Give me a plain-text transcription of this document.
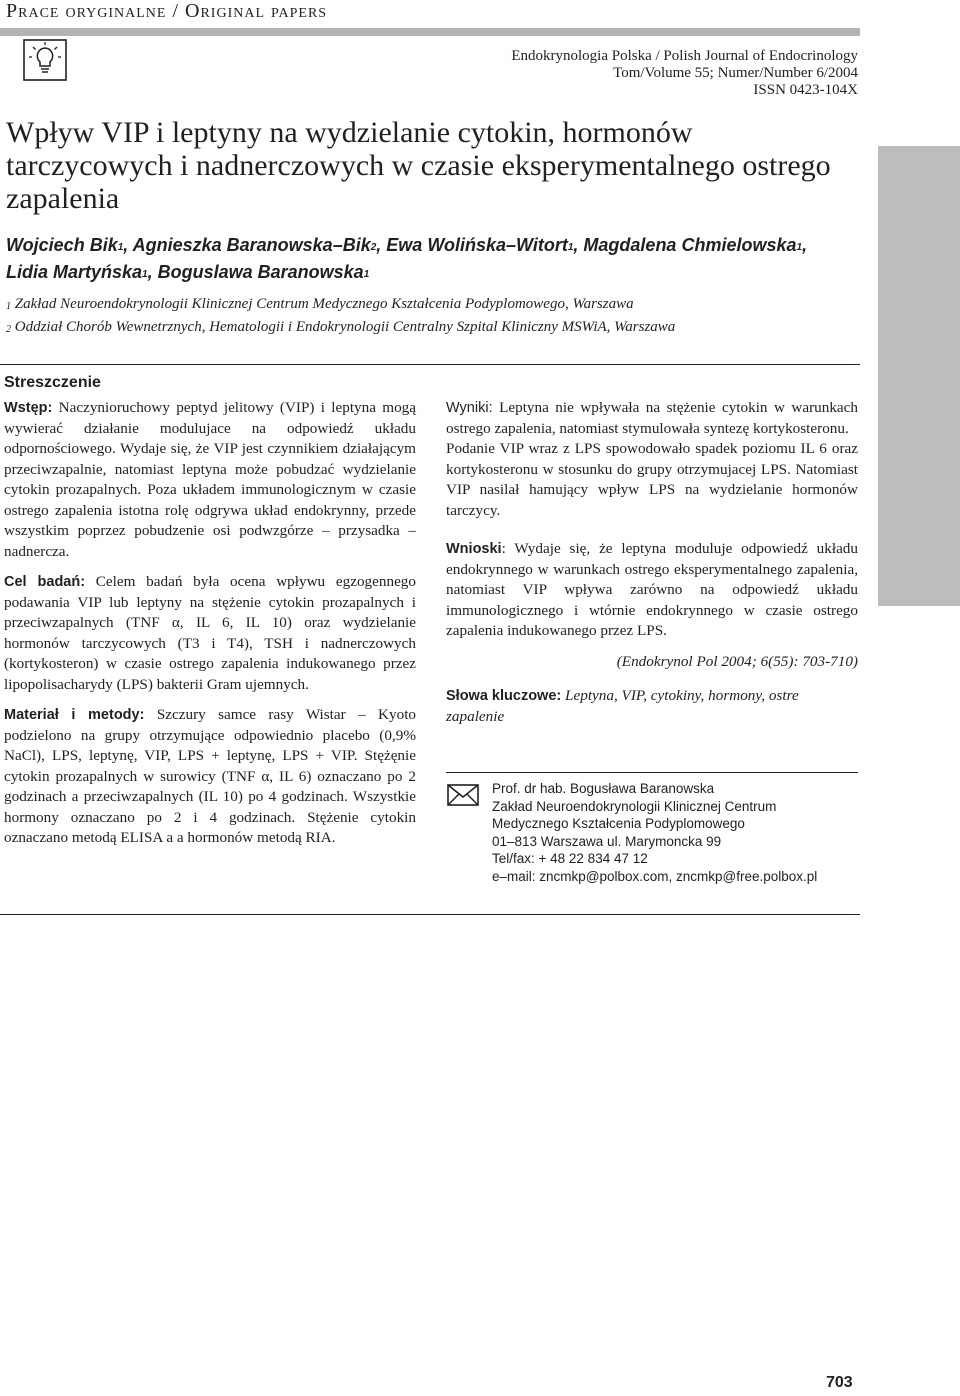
Prace oryginalne / Original papers
Endokrynologia Polska / Polish Journal of Endocrinology
Tom/Volume 55; Numer/Number 6/2004
ISSN 0423-104X
Wpływ VIP i leptyny na wydzielanie cytokin, hormonów tarczycowych i nadnerczowych w czasie eksperymentalnego ostrego zapalenia
Wojciech Bik$^1$, Agnieszka Baranowska–Bik$^2$, Ewa Wolińska–Witort$^1$, Magdalena Chmielowska$^1$,
Lidia Martyńska$^1$, Boguslawa Baranowska$^1$
$^1$ Zakład Neuroendokrynologii Klinicznej Centrum Medycznego Kształcenia Podyplomowego, Warszawa
$^2$ Oddział Chorób Wewnetrznych, Hematologii i Endokrynologii Centralny Szpital Kliniczny MSWiA, Warszawa
Streszczenie

Wstęp: Naczynioruchowy peptyd jelitowy (VIP) i leptyna mogą wywierać działanie modulujace na odpowiedź układu odpornościowego. Wydaje się, że VIP jest czynnikiem działającym przeciwzapalnie, natomiast leptyna może pobudzać wydzielanie cytokin prozapalnych. Poza układem immunologicznym w czasie ostrego zapalenia istotna rolę odgrywa układ endokrynny, przede wszystkim poprzez pobudzenie osi podwzgórze – przysadka – nadnercza.

Cel badań: Celem badań była ocena wpływu egzogennego podawania VIP lub leptyny na stężenie cytokin prozapalnych i przeciwzapalnych (TNF α, IL 6, IL 10) oraz wydzielanie hormonów tarczycowych (T3 i T4), TSH i nadnerczowych (kortykosteron) w czasie ostrego zapalenia indukowanego przez lipopolisacharydy (LPS) bakterii Gram ujemnych.

Materiał i metody: Szczury samce rasy Wistar – Kyoto podzielono na grupy otrzymujące odpowiednio placebo (0,9% NaCl), LPS, leptynę, VIP, LPS + leptynę, LPS + VIP. Stężęnie cytokin prozapalnych w surowicy (TNF α, IL 6) oznaczano po 2 godzinach a przeciwzapalnych (IL 10) po 4 godzinach. Wszystkie hormony oznaczano po 2 i 4 godzinach. Stężenie cytokin oznaczano metodą ELISA a a hormonów metodą RIA.

Wyniki: Leptyna nie wpływała na stężenie cytokin w warunkach ostrego zapalenia, natomiast stymulowała syntezę kortykosteronu.

Podanie VIP wraz z LPS spowodowało spadek poziomu IL 6 oraz kortykosteronu w stosunku do grupy otrzymujacej LPS. Natomiast VIP nasilał hamujący wpływ LPS na wydzielanie hormonów tarczycy.

Wnioski: Wydaje się, że leptyna moduluje odpowiedź układu endokrynnego w warunkach ostrego eksperymentalnego zapalenia, natomiast VIP wpływa zarówno na odpowiedź układu immunologicznego i wtórnie endokrynnego w czasie ostrego zapalenia indukowanego przez LPS.

(Endokrynol Pol 2004; 6(55): 703-710)

Słowa kluczowe: Leptyna, VIP, cytokiny, hormony, ostre zapalenie

Prof. dr hab. Bogusława Baranowska
Zakład Neuroendokrynologii Klinicznej Centrum
Medycznego Kształcenia Podyplomowego
01–813 Warszawa ul. Marymoncka 99
Tel/fax: + 48 22 834 47 12
e–mail: zncmkp@polbox.com, zncmkp@free.polbox.pl
703
